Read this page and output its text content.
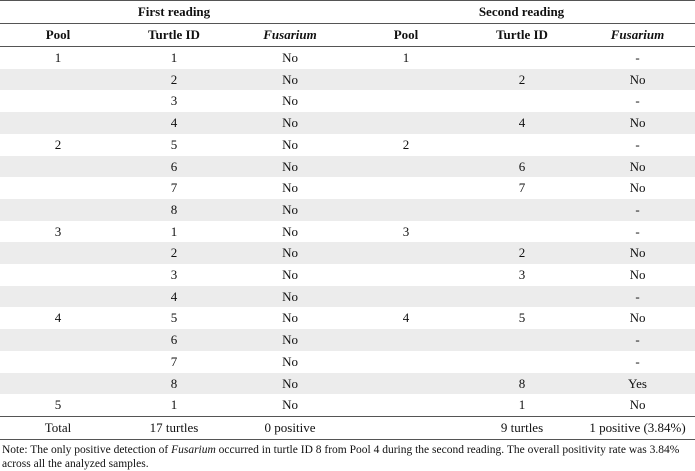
First reading			Second reading		
Pool	Turtle ID	Fusarium	Pool	Turtle ID	Fusarium
1	1	No	1		-
	2	No		2	No
	3	No			-
	4	No		4	No
2	5	No	2		-
	6	No		6	No
	7	No		7	No
	8	No			-
3	1	No	3		-
	2	No		2	No
	3	No		3	No
	4	No			-
4	5	No	4	5	No
	6	No			-
	7	No			-
	8	No		8	Yes
5	1	No		1	No
Total	17 turtles	0 positive		9 turtles	1 positive (3.84%)
Note: The only positive detection of Fusarium occurred in turtle ID 8 from Pool 4 during the second reading. The overall positivity rate was 3.84% across all the analyzed samples.
